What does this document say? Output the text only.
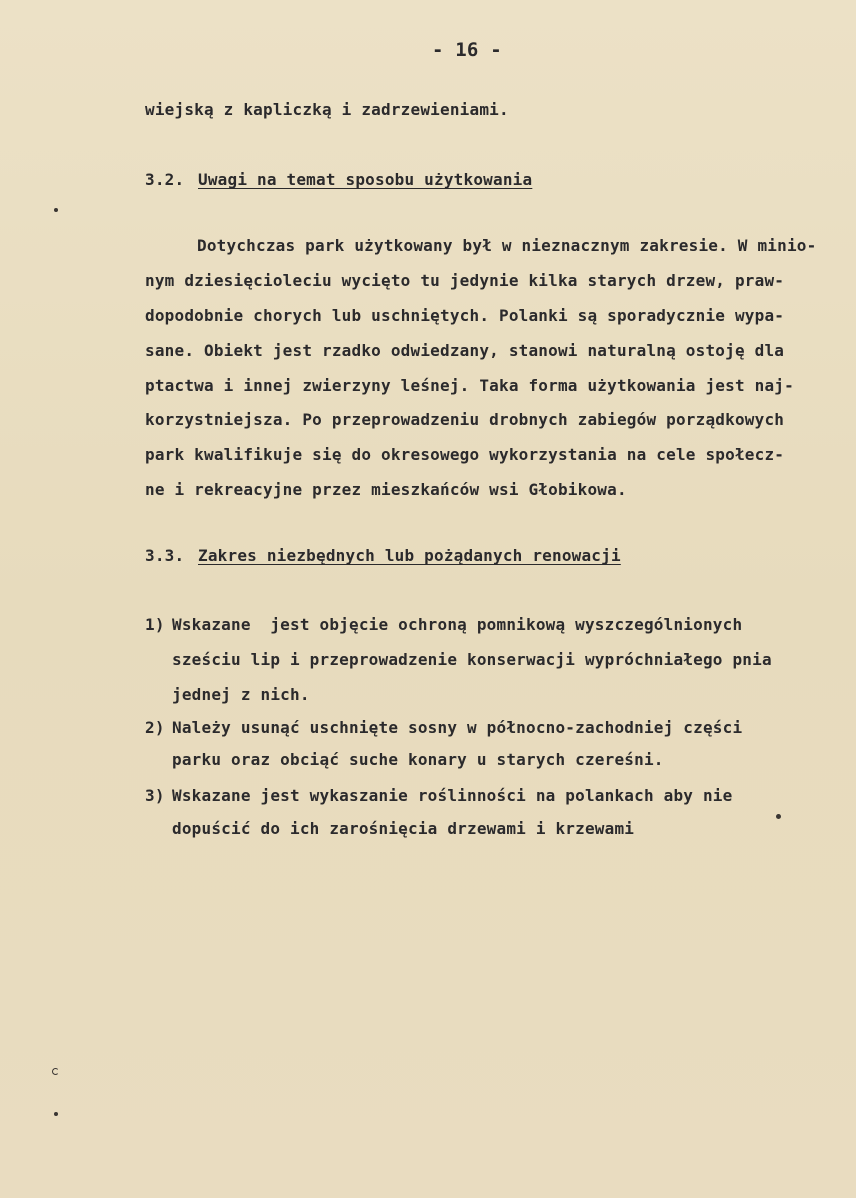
- 16 -
wiejską z kapliczką i zadrzewieniami.
3.2. Uwagi na temat sposobu użytkowania
Dotychczas park użytkowany był w nieznacznym zakresie. W minio-
nym dziesięcioleciu wycięto tu jedynie kilka starych drzew, praw-
dopodobnie chorych lub uschniętych. Polanki są sporadycznie wypa-
sane. Obiekt jest rzadko odwiedzany, stanowi naturalną ostoję dla
ptactwa i innej zwierzyny leśnej. Taka forma użytkowania jest naj-
korzystniejsza. Po przeprowadzeniu drobnych zabiegów porządkowych
park kwalifikuje się do okresowego wykorzystania na cele społecz-
ne i rekreacyjne przez mieszkańców wsi Głobikowa.
3.3. Zakres niezbędnych lub pożądanych renowacji
1) Wskazane  jest objęcie ochroną pomnikową wyszczególnionych
sześciu lip i przeprowadzenie konserwacji wypróchniałego pnia
jednej z nich.
2) Należy usunąć uschnięte sosny w północno-zachodniej części
parku oraz obciąć suche konary u starych czereśni.
3) Wskazane jest wykaszanie roślinności na polankach aby nie
dopuścić do ich zarośnięcia drzewami i krzewami
